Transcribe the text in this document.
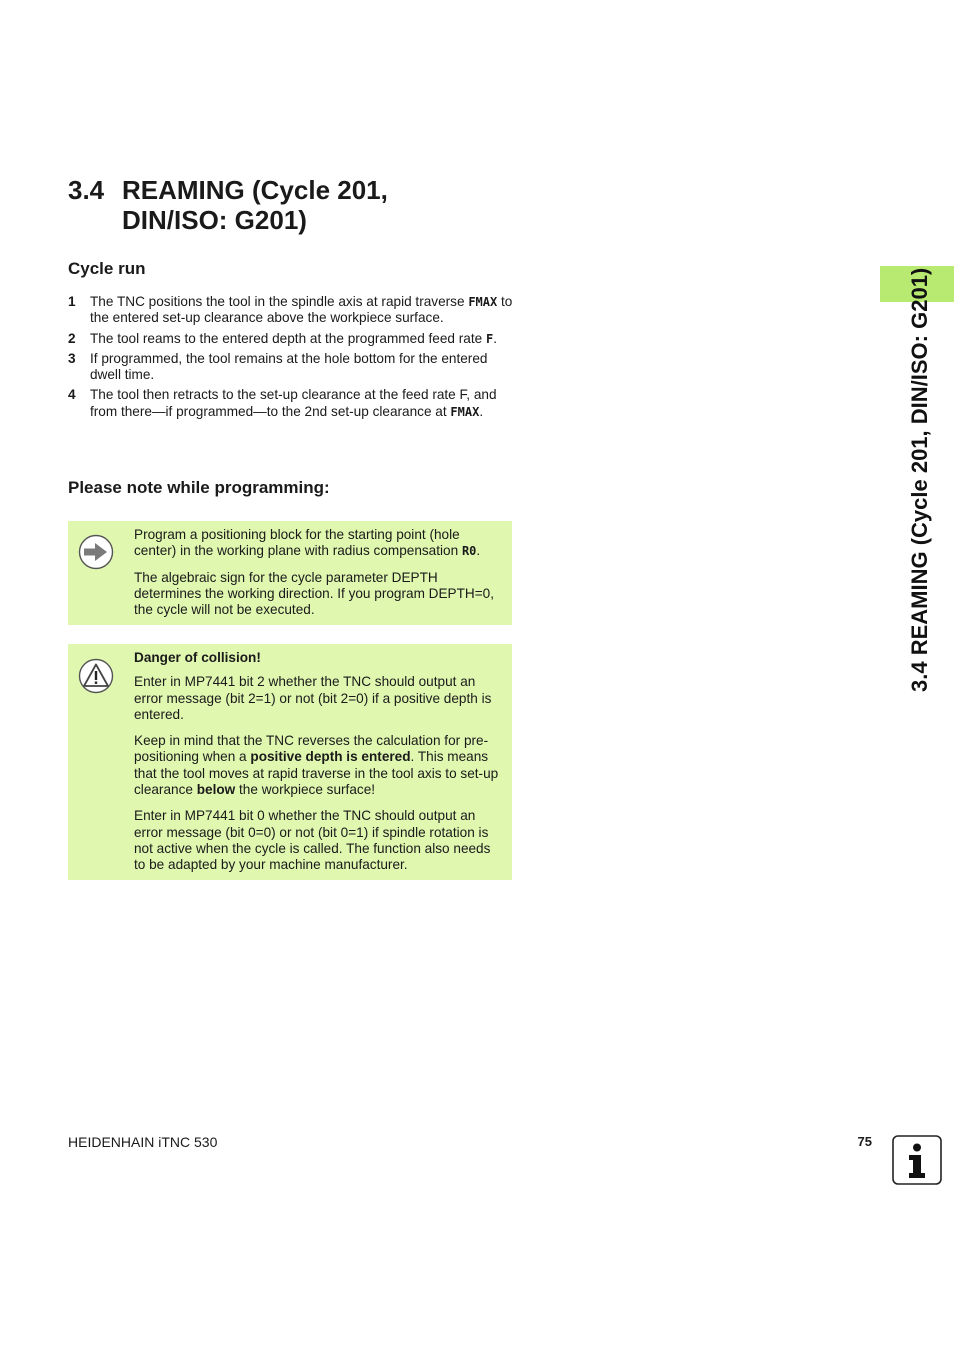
3.4 REAMING (Cycle 201,
DIN/ISO: G201)
Cycle run
1	The TNC positions the tool in the spindle axis at rapid traverse FMAX to the entered set-up clearance above the workpiece surface.
2	The tool reams to the entered depth at the programmed feed rate F.
3	If programmed, the tool remains at the hole bottom for the entered dwell time.
4	The tool then retracts to the set-up clearance at the feed rate F, and from there—if programmed—to the 2nd set-up clearance at FMAX.
Please note while programming:

Program a positioning block for the starting point (hole center) in the working plane with radius compensation R0.

The algebraic sign for the cycle parameter DEPTH determines the working direction. If you program DEPTH=0, the cycle will not be executed.

Danger of collision!

Enter in MP7441 bit 2 whether the TNC should output an error message (bit 2=1) or not (bit 2=0) if a positive depth is entered.

Keep in mind that the TNC reverses the calculation for pre-positioning when a positive depth is entered. This means that the tool moves at rapid traverse in the tool axis to set-up clearance below the workpiece surface!

Enter in MP7441 bit 0 whether the TNC should output an error message (bit 0=0) or not (bit 0=1) if spindle rotation is not active when the cycle is called. The function also needs to be adapted by your machine manufacturer.

3.4 REAMING (Cycle 201, DIN/ISO: G201)
HEIDENHAIN iTNC 530	75
